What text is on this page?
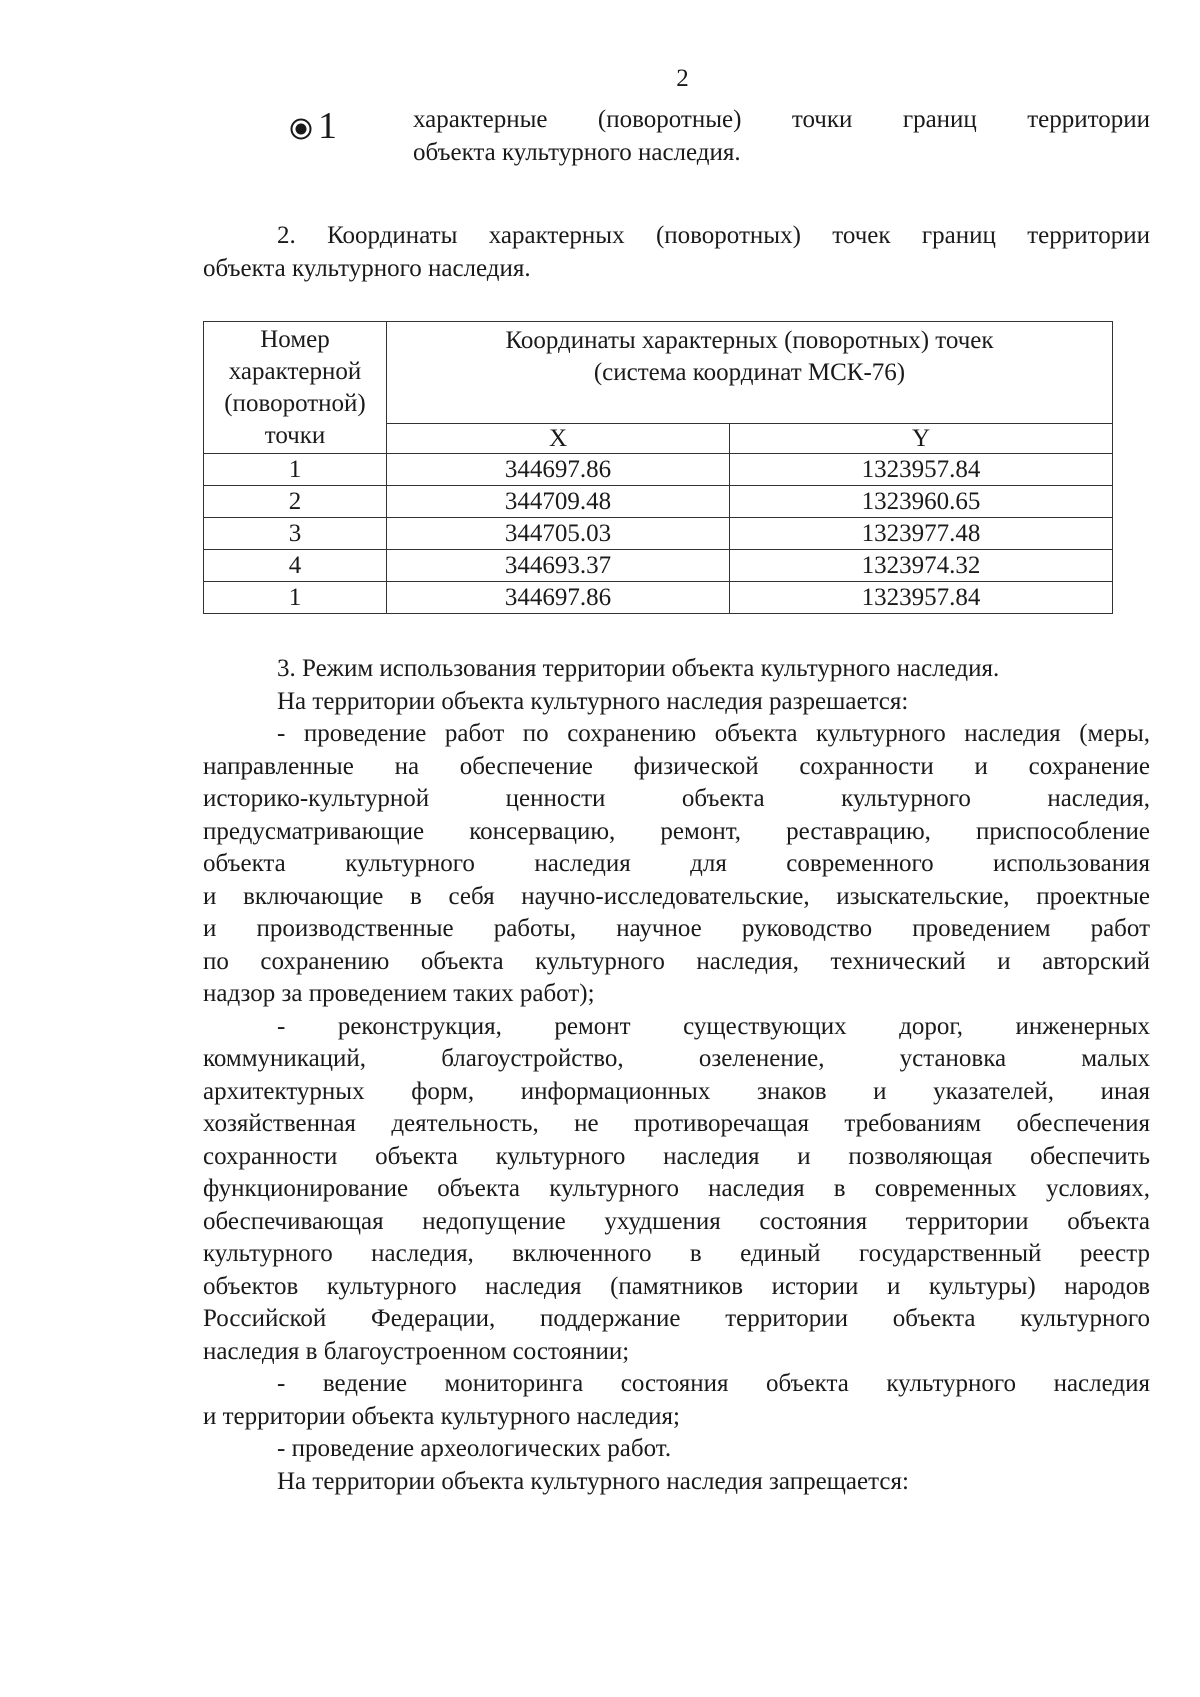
2
1	характерные (поворотные) точки границ территории
объекта культурного наследия.
2. Координаты характерных (поворотных) точек границ территории
объекта культурного наследия.
Номер
характерной
(поворотной)
точки	Координаты характерных (поворотных) точек
(система координат МСК-76)	

	X	Y
1	344697.86	1323957.84
2	344709.48	1323960.65
3	344705.03	1323977.48
4	344693.37	1323974.32
1	344697.86	1323957.84
3. Режим использования территории объекта культурного наследия.
На территории объекта культурного наследия разрешается:
- проведение работ по сохранению объекта культурного наследия (меры,
направленные на обеспечение физической сохранности и сохранение
историко-культурной ценности объекта культурного наследия,
предусматривающие консервацию, ремонт, реставрацию, приспособление
объекта культурного наследия для современного использования
и включающие в себя научно-исследовательские, изыскательские, проектные
и производственные работы, научное руководство проведением работ
по сохранению объекта культурного наследия, технический и авторский
надзор за проведением таких работ);
- реконструкция, ремонт существующих дорог, инженерных
коммуникаций, благоустройство, озеленение, установка малых
архитектурных форм, информационных знаков и указателей, иная
хозяйственная деятельность, не противоречащая требованиям обеспечения
сохранности объекта культурного наследия и позволяющая обеспечить
функционирование объекта культурного наследия в современных условиях,
обеспечивающая недопущение ухудшения состояния территории объекта
культурного наследия, включенного в единый государственный реестр
объектов культурного наследия (памятников истории и культуры) народов
Российской Федерации, поддержание территории объекта культурного
наследия в благоустроенном состоянии;
- ведение мониторинга состояния объекта культурного наследия
и территории объекта культурного наследия;
- проведение археологических работ.
На территории объекта культурного наследия запрещается:
